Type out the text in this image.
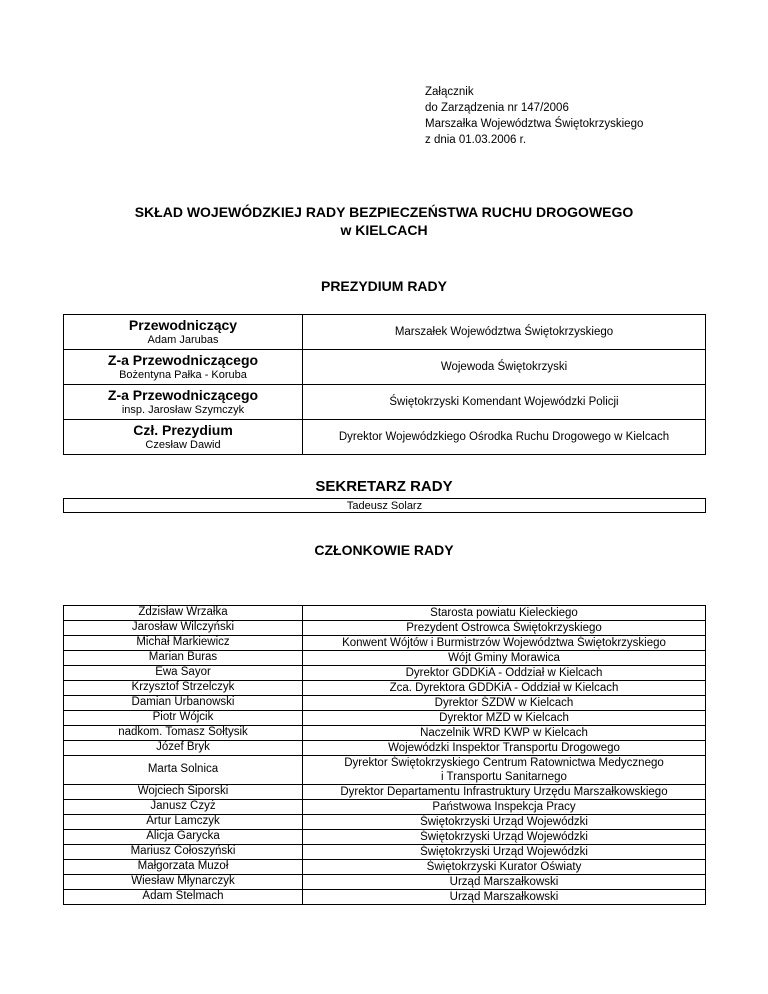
Załącznik
do Zarządzenia nr 147/2006
Marszałka Województwa Świętokrzyskiego
z dnia 01.03.2006 r.
SKŁAD WOJEWÓDZKIEJ RADY BEZPIECZEŃSTWA RUCHU DROGOWEGO
w KIELCACH
PREZYDIUM RADY
Przewodniczący
Adam Jarubas	Marszałek Województwa Świętokrzyskiego

Z-a Przewodniczącego
Bożentyna Pałka - Koruba	Wojewoda Świętokrzyski

Z-a Przewodniczącego
insp. Jarosław Szymczyk	Świętokrzyski Komendant Wojewódzki Policji

Czł. Prezydium
Czesław Dawid	Dyrektor Wojewódzkiego Ośrodka Ruchu Drogowego w Kielcach
SEKRETARZ RADY
Tadeusz Solarz
CZŁONKOWIE RADY
Zdzisław Wrzałka	Starosta powiatu Kieleckiego
Jarosław Wilczyński	Prezydent Ostrowca Świętokrzyskiego
Michał Markiewicz	Konwent Wójtów i Burmistrzów Województwa Świętokrzyskiego
Marian Buras	Wójt Gminy Morawica
Ewa Sayor	Dyrektor GDDKiA - Oddział w Kielcach
Krzysztof Strzelczyk	Zca. Dyrektora GDDKiA - Oddział w Kielcach
Damian Urbanowski	Dyrektor ŚZDW w Kielcach
Piotr Wójcik	Dyrektor MZD w Kielcach
nadkom. Tomasz Sołtysik	Naczelnik WRD KWP w Kielcach
Józef Bryk	Wojewódzki Inspektor Transportu Drogowego
Marta Solnica	Dyrektor Świętokrzyskiego Centrum Ratownictwa Medycznego
i Transportu Sanitarnego

Wojciech Siporski	Dyrektor Departamentu Infrastruktury Urzędu Marszałkowskiego
Janusz Czyż	Państwowa Inspekcja Pracy
Artur Lamczyk	Świętokrzyski Urząd Wojewódzki
Alicja Garycka	Świętokrzyski Urząd Wojewódzki
Mariusz Cołoszyński	Świętokrzyski Urząd Wojewódzki
Małgorzata Muzoł	Świętokrzyski Kurator Oświaty
Wiesław Młynarczyk	Urząd Marszałkowski
Adam Stelmach	Urząd Marszałkowski
